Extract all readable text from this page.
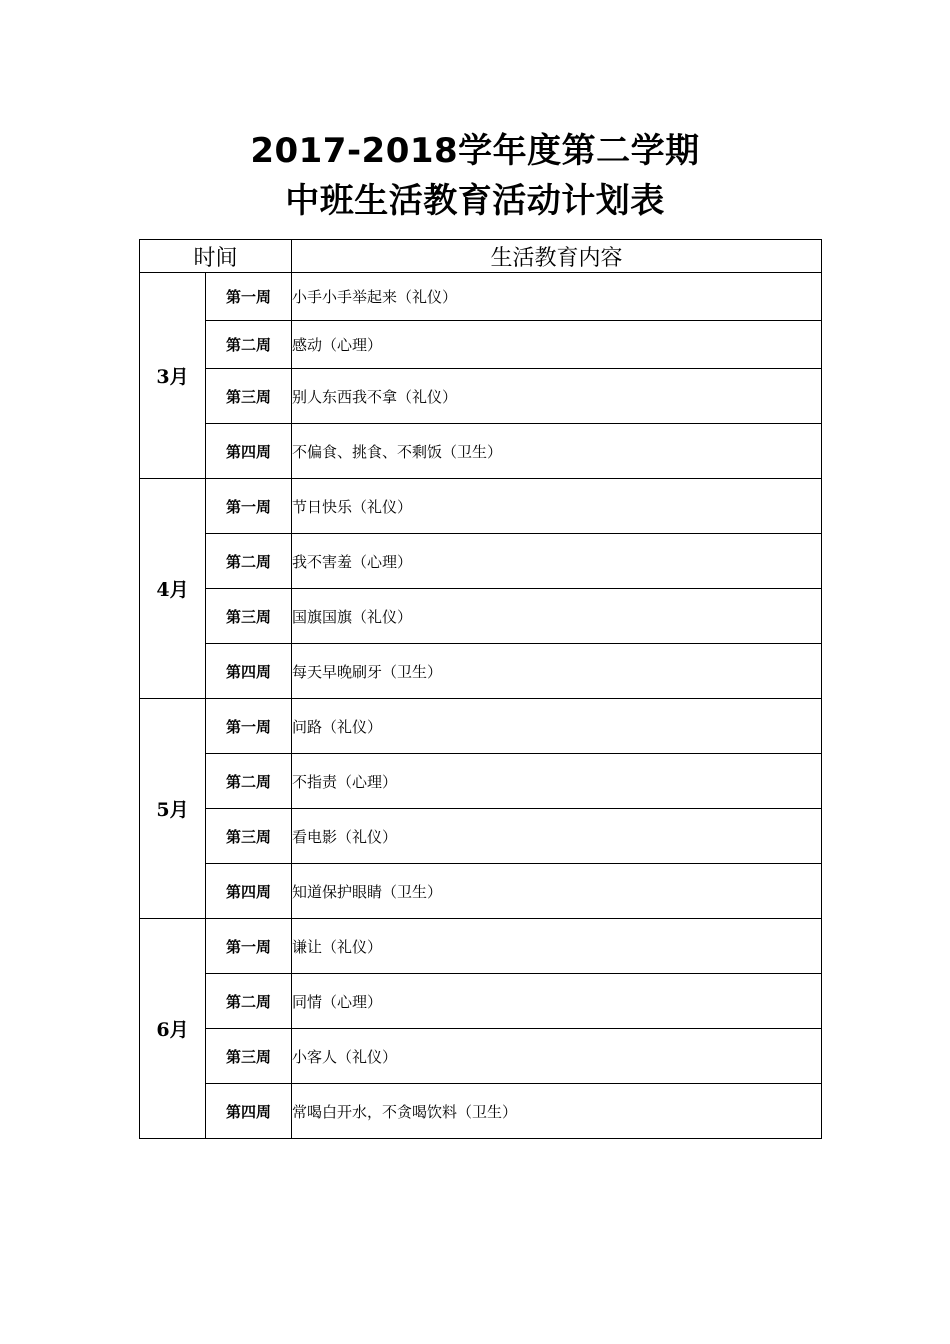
2017-2018学年度第二学期
中班生活教育活动计划表
时间		生活教育内容
3月	第一周	小手小手举起来（礼仪）
	第二周	感动（心理）
	第三周	别人东西我不拿（礼仪）
	第四周	不偏食、挑食、不剩饭（卫生）
4月	第一周	节日快乐（礼仪）
	第二周	我不害羞（心理）
	第三周	国旗国旗（礼仪）
	第四周	每天早晚刷牙（卫生）
5月	第一周	问路（礼仪）
	第二周	不指责（心理）
	第三周	看电影（礼仪）
	第四周	知道保护眼睛（卫生）
6月	第一周	谦让（礼仪）
	第二周	同情（心理）
	第三周	小客人（礼仪）
	第四周	常喝白开水，不贪喝饮料（卫生）
